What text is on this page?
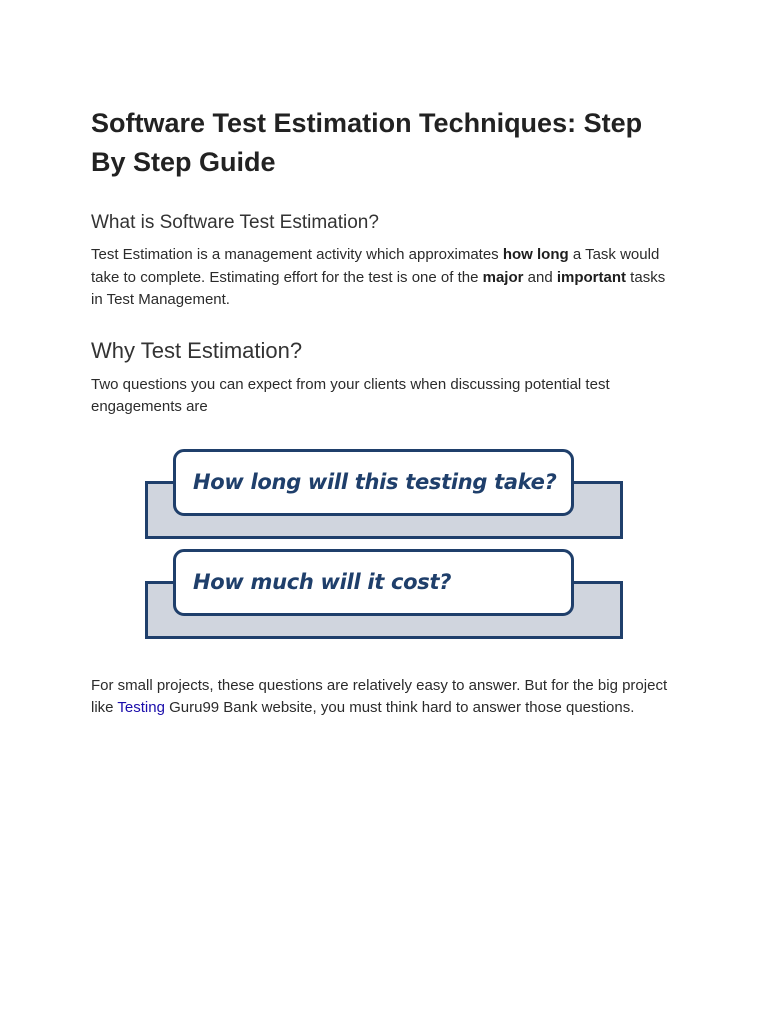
Software Test Estimation Techniques: Step By Step Guide
What is Software Test Estimation?

Test Estimation is a management activity which approximates how long a Task would take to complete. Estimating effort for the test is one of the major and important tasks in Test Management.

Why Test Estimation?

Two questions you can expect from your clients when discussing potential test engagements are

How long will this testing take?
How much will it cost?

For small projects, these questions are relatively easy to answer. But for the big project like Testing Guru99 Bank website, you must think hard to answer those questions.
